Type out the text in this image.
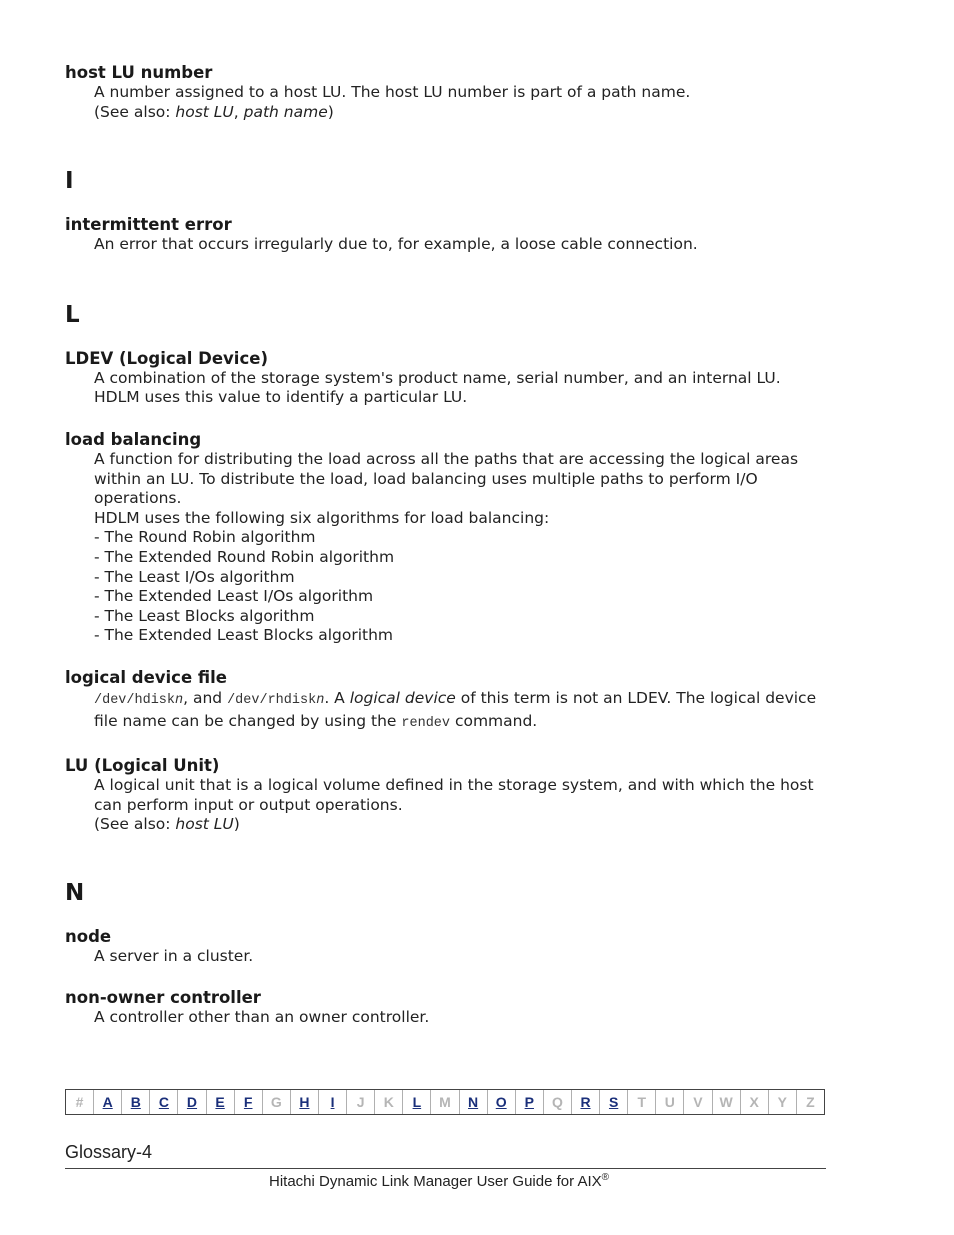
host LU number

A number assigned to a host LU. The host LU number is part of a path name.

(See also: host LU, path name)

I

intermittent error

An error that occurs irregularly due to, for example, a loose cable connection.

L

LDEV (Logical Device)

A combination of the storage system's product name, serial number, and an internal LU.

HDLM uses this value to identify a particular LU.

load balancing

A function for distributing the load across all the paths that are accessing the logical areas within an LU. To distribute the load, load balancing uses multiple paths to perform I/O operations.

HDLM uses the following six algorithms for load balancing:

- The Round Robin algorithm

- The Extended Round Robin algorithm

- The Least I/Os algorithm

- The Extended Least I/Os algorithm

- The Least Blocks algorithm

- The Extended Least Blocks algorithm

logical device file

/dev/hdiskn, and /dev/rhdiskn. A logical device of this term is not an LDEV. The logical device file name can be changed by using the rendev command.

LU (Logical Unit)

A logical unit that is a logical volume defined in the storage system, and with which the host can perform input or output operations.

(See also: host LU)

N

node

A server in a cluster.

non-owner controller

A controller other than an owner controller.

#	A	B	C	D	E	F	G	H	I	J	K	L	M	N	O	P	Q	R	S	T	U	V	W	X	Y	Z
Glossary-4
Hitachi Dynamic Link Manager User Guide for AIX®
